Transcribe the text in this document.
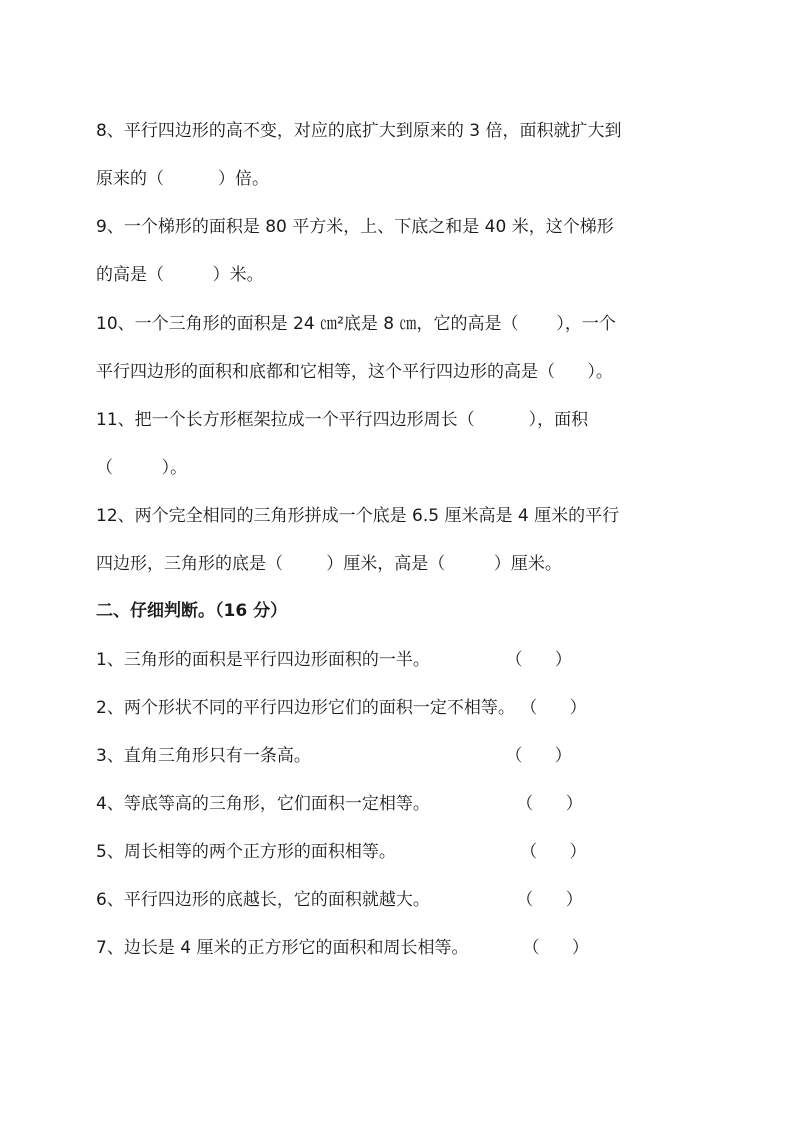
8、平行四边形的高不变，对应的底扩大到原来的 3 倍，面积就扩大到
原来的（          ）倍。
9、一个梯形的面积是 80 平方米，上、下底之和是 40 米，这个梯形
的高是（         ）米。
10、一个三角形的面积是 24 ㎝²底是 8 ㎝，它的高是（       ），一个
平行四边形的面积和底都和它相等，这个平行四边形的高是（      ）。
11、把一个长方形框架拉成一个平行四边形周长（          ），面积
（         ）。
12、两个完全相同的三角形拼成一个底是 6.5 厘米高是 4 厘米的平行
四边形，三角形的底是（        ）厘米，高是（         ）厘米。
二、仔细判断。（16 分）
1、三角形的面积是平行四边形面积的一半。              （      ）
2、两个形状不同的平行四边形它们的面积一定不相等。 （      ）
3、直角三角形只有一条高。                                    （      ）
4、等底等高的三角形，它们面积一定相等。                （      ）
5、周长相等的两个正方形的面积相等。                       （      ）
6、平行四边形的底越长，它的面积就越大。                （      ）
7、边长是 4 厘米的正方形它的面积和周长相等。          （      ）
